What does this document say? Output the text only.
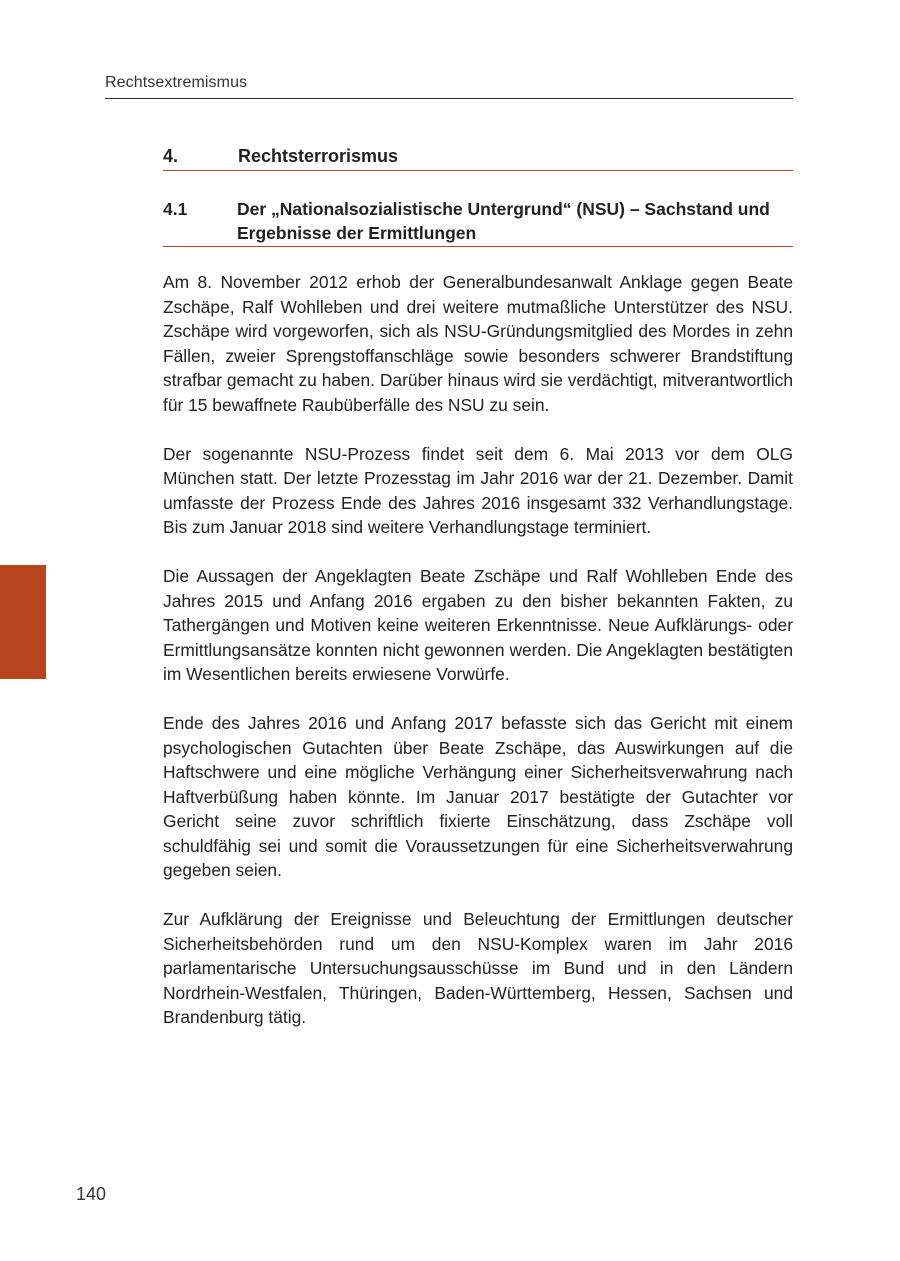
Rechtsextremismus
4.	Rechtsterrorismus
4.1	Der „Nationalsozialistische Untergrund“ (NSU) – Sachstand und Ergebnisse der Ermittlungen

Am 8. November 2012 erhob der Generalbundesanwalt Anklage gegen Beate Zschäpe, Ralf Wohlleben und drei weitere mutmaßliche Unterstützer des NSU. Zschäpe wird vorgeworfen, sich als NSU-Gründungsmitglied des Mordes in zehn Fällen, zweier Sprengstoffanschläge sowie besonders schwerer Brandstiftung strafbar gemacht zu haben. Darüber hinaus wird sie verdächtigt, mitverantwortlich für 15 bewaffnete Raubüberfälle des NSU zu sein.

Der sogenannte NSU-Prozess findet seit dem 6. Mai 2013 vor dem OLG München statt. Der letzte Prozesstag im Jahr 2016 war der 21. Dezember. Damit umfasste der Prozess Ende des Jahres 2016 insgesamt 332 Verhandlungstage. Bis zum Januar 2018 sind weitere Verhandlungstage terminiert.

Die Aussagen der Angeklagten Beate Zschäpe und Ralf Wohlleben Ende des Jahres 2015 und Anfang 2016 ergaben zu den bisher bekannten Fakten, zu Tathergängen und Motiven keine weiteren Erkenntnisse. Neue Aufklärungs- oder Ermittlungsansätze konnten nicht gewonnen werden. Die Angeklagten bestätigten im Wesentlichen bereits erwiesene Vorwürfe.

Ende des Jahres 2016 und Anfang 2017 befasste sich das Gericht mit einem psychologischen Gutachten über Beate Zschäpe, das Auswirkungen auf die Haftschwere und eine mögliche Verhängung einer Sicherheitsverwahrung nach Haftverbüßung haben könnte. Im Januar 2017 bestätigte der Gutachter vor Gericht seine zuvor schriftlich fixierte Einschätzung, dass Zschäpe voll schuldfähig sei und somit die Voraussetzungen für eine Sicherheitsverwahrung gegeben seien.

Zur Aufklärung der Ereignisse und Beleuchtung der Ermittlungen deutscher Sicherheitsbehörden rund um den NSU-Komplex waren im Jahr 2016 parlamentarische Untersuchungsausschüsse im Bund und in den Ländern Nordrhein-Westfalen, Thüringen, Baden-Württemberg, Hessen, Sachsen und Brandenburg tätig.

140
